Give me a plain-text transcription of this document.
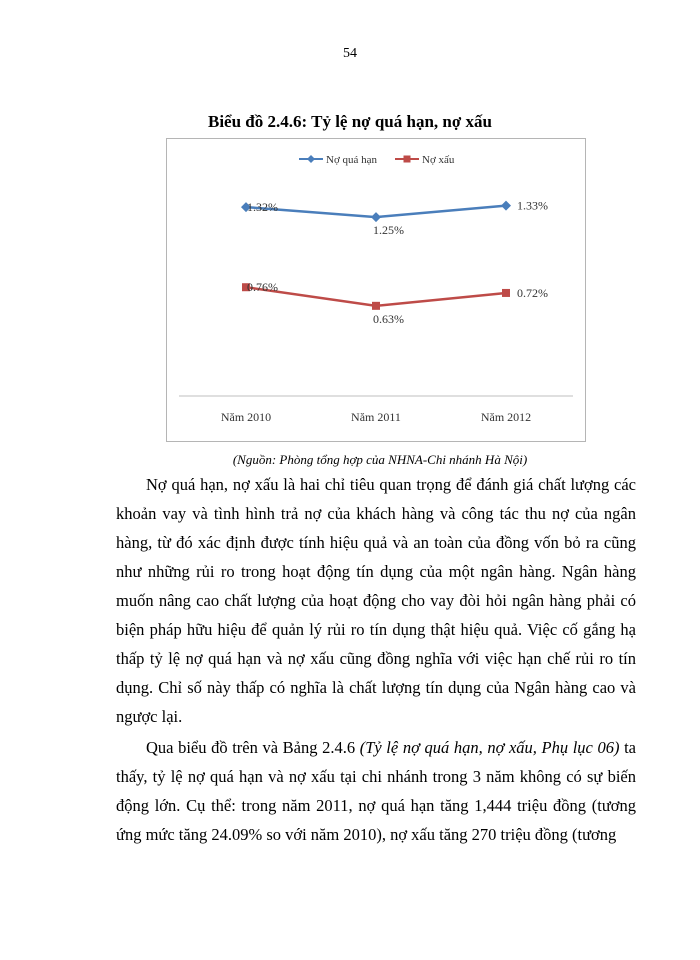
54
Biểu đồ 2.4.6: Tỷ lệ nợ quá hạn, nợ xấu
Năm 2010	Năm 2011	Năm 2012
Nợ quá hạn	Nợ xấu
1.32%
1.25%
1.33%
0.76%
0.63%
0.72%
(Nguồn: Phòng tổng hợp của NHNA-Chi nhánh Hà Nội)

Nợ quá hạn, nợ xấu là hai chỉ tiêu quan trọng để đánh giá chất lượng các khoản vay và tình hình trả nợ của khách hàng và công tác thu nợ của ngân hàng, từ đó xác định được tính hiệu quả và an toàn của đồng vốn bỏ ra cũng như những rủi ro trong hoạt động tín dụng của một ngân hàng. Ngân hàng muốn nâng cao chất lượng của hoạt động cho vay đòi hỏi ngân hàng phải có biện pháp hữu hiệu để quản lý rủi ro tín dụng thật hiệu quả. Việc cố gắng hạ thấp tỷ lệ nợ quá hạn và nợ xấu cũng đồng nghĩa với việc hạn chế rủi ro tín dụng. Chỉ số này thấp có nghĩa là chất lượng tín dụng của Ngân hàng cao và ngược lại.

Qua biểu đồ trên và Bảng 2.4.6 (Tỷ lệ nợ quá hạn, nợ xấu, Phụ lục 06) ta thấy, tỷ lệ nợ quá hạn và nợ xấu tại chi nhánh trong 3 năm không có sự biến động lớn. Cụ thể: trong năm 2011, nợ quá hạn tăng 1,444 triệu đồng (tương ứng mức tăng 24.09% so với năm 2010), nợ xấu tăng 270 triệu đồng (tương
